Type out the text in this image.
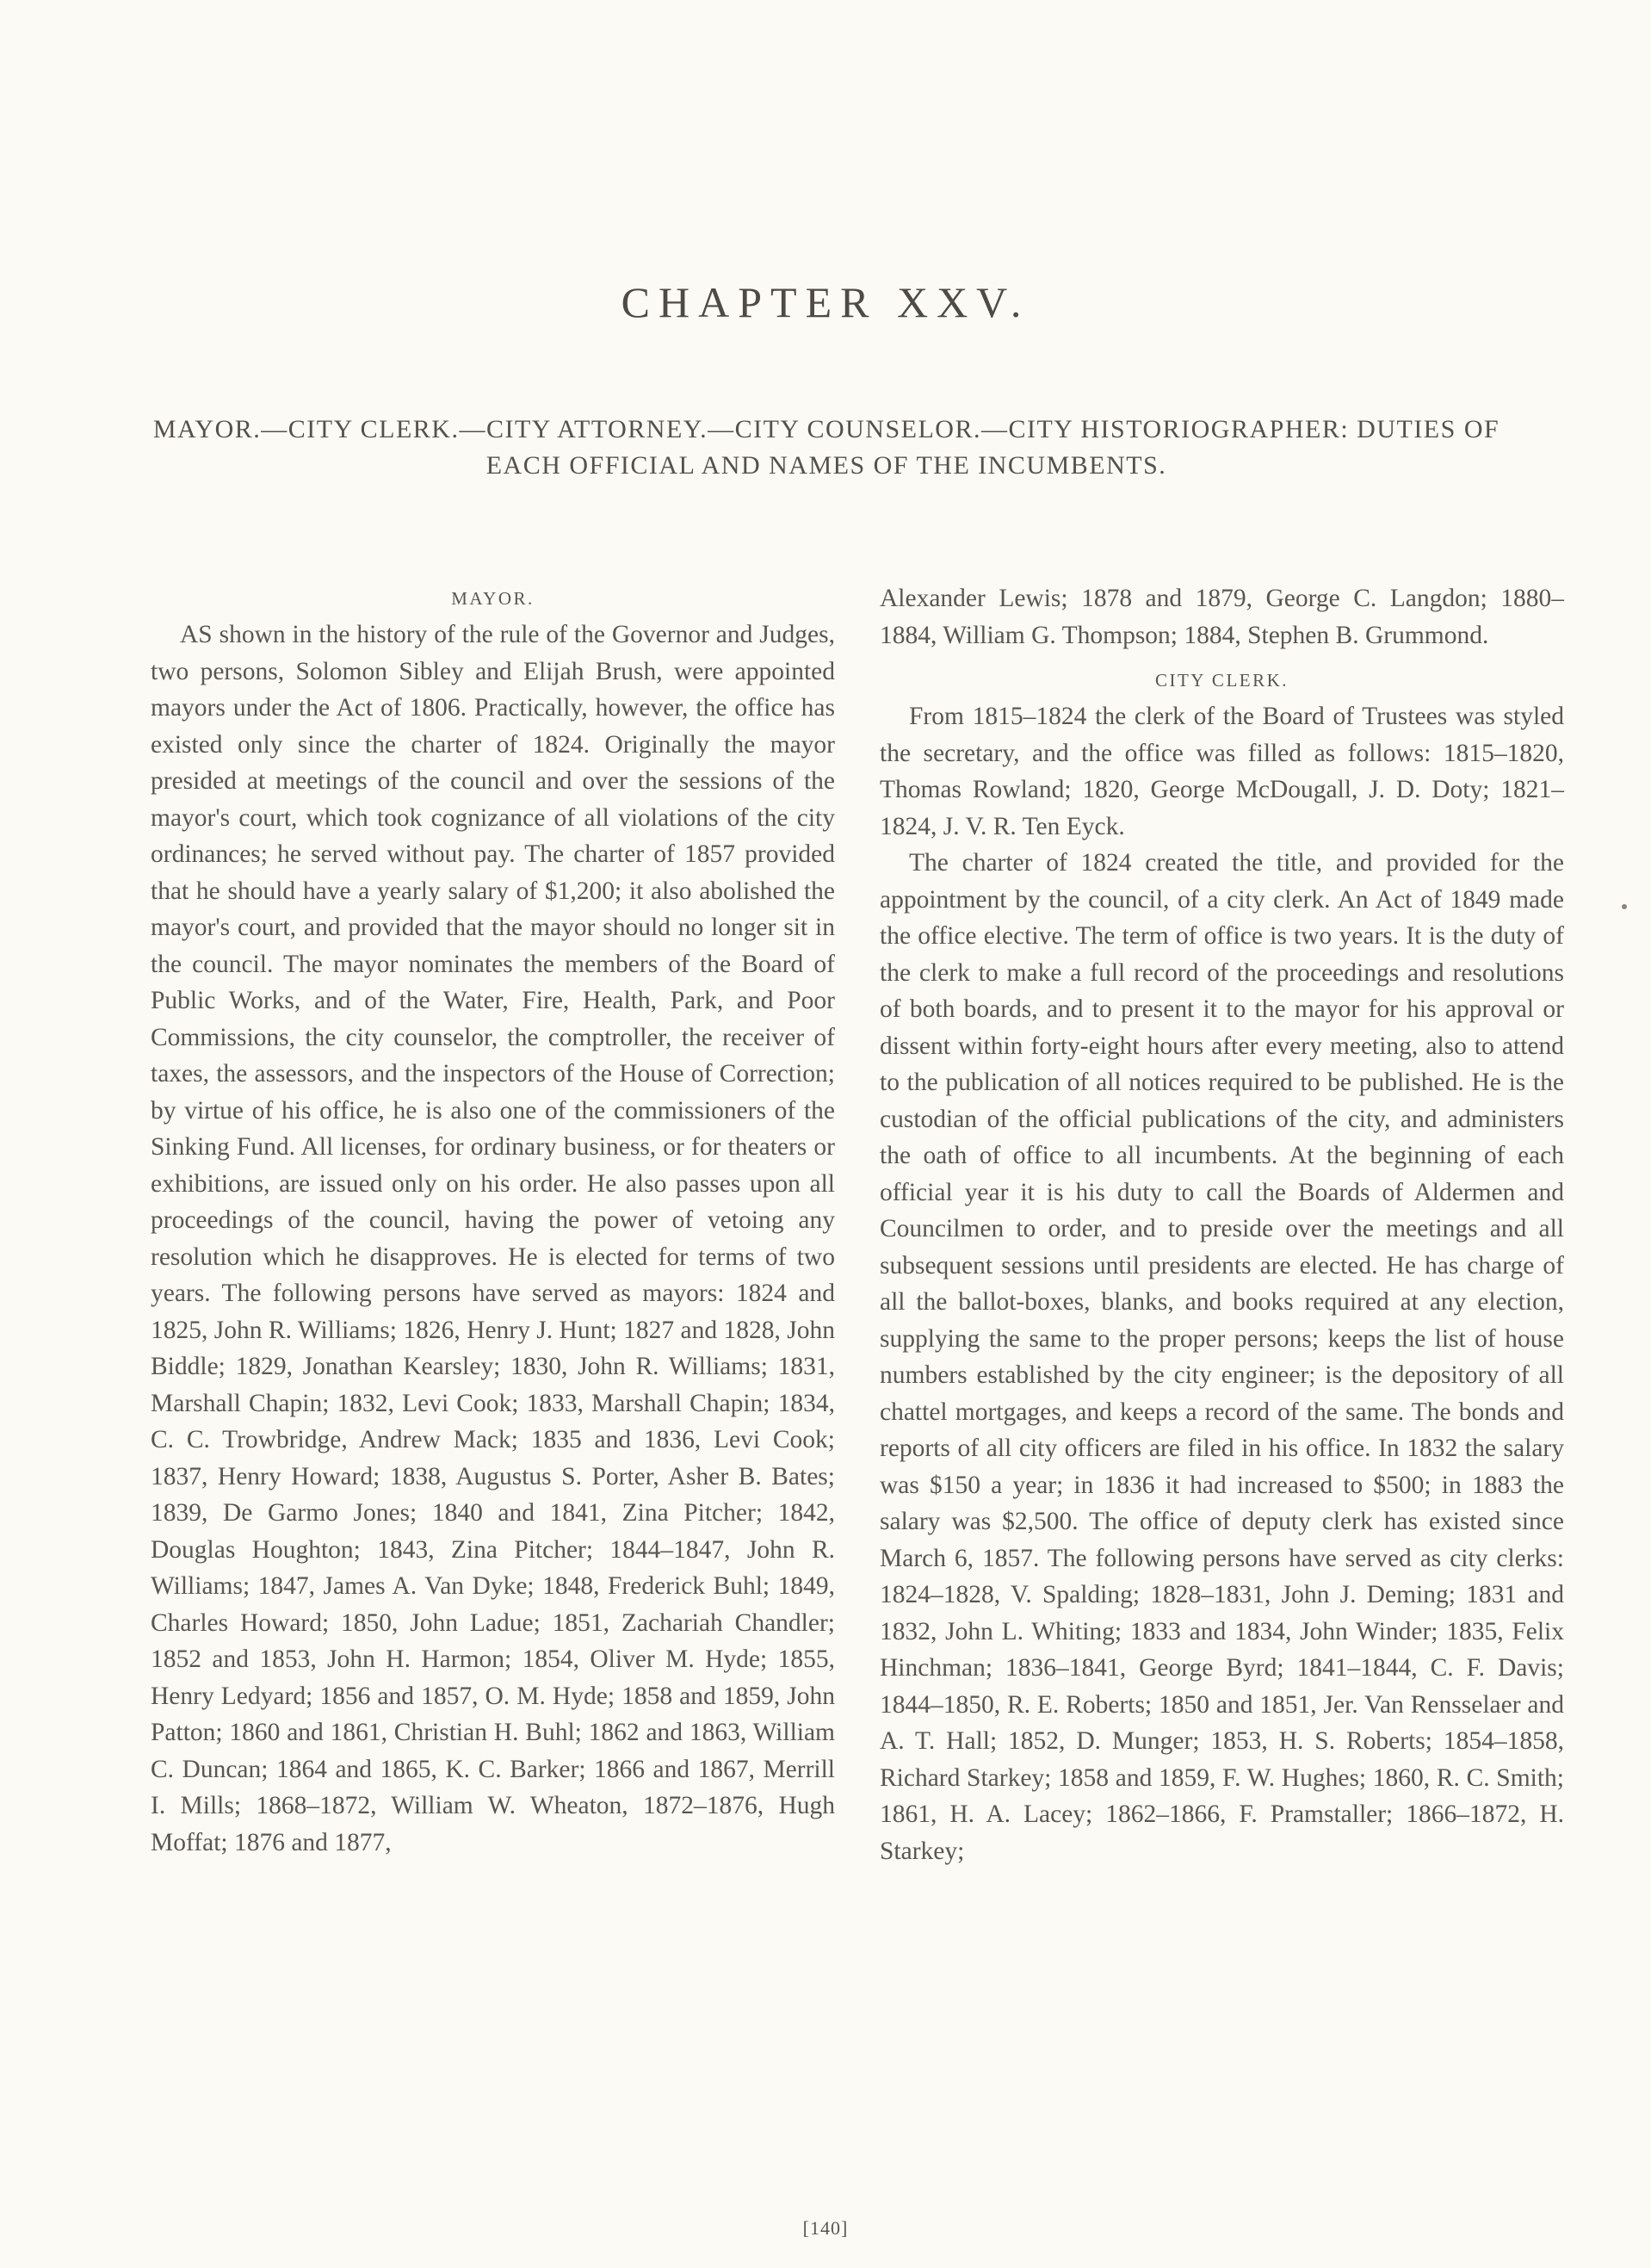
CHAPTER XXV.
MAYOR.—CITY CLERK.—CITY ATTORNEY.—CITY COUNSELOR.—CITY HISTORIOGRAPHER: DUTIES OF EACH OFFICIAL AND NAMES OF THE INCUMBENTS.
MAYOR.

AS shown in the history of the rule of the Governor and Judges, two persons, Solomon Sibley and Elijah Brush, were appointed mayors under the Act of 1806. Practically, however, the office has existed only since the charter of 1824. Originally the mayor presided at meetings of the council and over the sessions of the mayor's court, which took cognizance of all violations of the city ordinances; he served without pay. The charter of 1857 provided that he should have a yearly salary of $1,200; it also abolished the mayor's court, and provided that the mayor should no longer sit in the council. The mayor nominates the members of the Board of Public Works, and of the Water, Fire, Health, Park, and Poor Commissions, the city counselor, the comptroller, the receiver of taxes, the assessors, and the inspectors of the House of Correction; by virtue of his office, he is also one of the commissioners of the Sinking Fund. All licenses, for ordinary business, or for theaters or exhibitions, are issued only on his order. He also passes upon all proceedings of the council, having the power of vetoing any resolution which he disapproves. He is elected for terms of two years. The following persons have served as mayors: 1824 and 1825, John R. Williams; 1826, Henry J. Hunt; 1827 and 1828, John Biddle; 1829, Jonathan Kearsley; 1830, John R. Williams; 1831, Marshall Chapin; 1832, Levi Cook; 1833, Marshall Chapin; 1834, C. C. Trowbridge, Andrew Mack; 1835 and 1836, Levi Cook; 1837, Henry Howard; 1838, Augustus S. Porter, Asher B. Bates; 1839, De Garmo Jones; 1840 and 1841, Zina Pitcher; 1842, Douglas Houghton; 1843, Zina Pitcher; 1844–1847, John R. Williams; 1847, James A. Van Dyke; 1848, Frederick Buhl; 1849, Charles Howard; 1850, John Ladue; 1851, Zachariah Chandler; 1852 and 1853, John H. Harmon; 1854, Oliver M. Hyde; 1855, Henry Ledyard; 1856 and 1857, O. M. Hyde; 1858 and 1859, John Patton; 1860 and 1861, Christian H. Buhl; 1862 and 1863, William C. Duncan; 1864 and 1865, K. C. Barker; 1866 and 1867, Merrill I. Mills; 1868–1872, William W. Wheaton, 1872–1876, Hugh Moffat; 1876 and 1877,

Alexander Lewis; 1878 and 1879, George C. Langdon; 1880–1884, William G. Thompson; 1884, Stephen B. Grummond.

CITY CLERK.

From 1815–1824 the clerk of the Board of Trustees was styled the secretary, and the office was filled as follows: 1815–1820, Thomas Rowland; 1820, George McDougall, J. D. Doty; 1821–1824, J. V. R. Ten Eyck.

The charter of 1824 created the title, and provided for the appointment by the council, of a city clerk. An Act of 1849 made the office elective. The term of office is two years. It is the duty of the clerk to make a full record of the proceedings and resolutions of both boards, and to present it to the mayor for his approval or dissent within forty-eight hours after every meeting, also to attend to the publication of all notices required to be published. He is the custodian of the official publications of the city, and administers the oath of office to all incumbents. At the beginning of each official year it is his duty to call the Boards of Aldermen and Councilmen to order, and to preside over the meetings and all subsequent sessions until presidents are elected. He has charge of all the ballot-boxes, blanks, and books required at any election, supplying the same to the proper persons; keeps the list of house numbers established by the city engineer; is the depository of all chattel mortgages, and keeps a record of the same. The bonds and reports of all city officers are filed in his office. In 1832 the salary was $150 a year; in 1836 it had increased to $500; in 1883 the salary was $2,500. The office of deputy clerk has existed since March 6, 1857. The following persons have served as city clerks: 1824–1828, V. Spalding; 1828–1831, John J. Deming; 1831 and 1832, John L. Whiting; 1833 and 1834, John Winder; 1835, Felix Hinchman; 1836–1841, George Byrd; 1841–1844, C. F. Davis; 1844–1850, R. E. Roberts; 1850 and 1851, Jer. Van Rensselaer and A. T. Hall; 1852, D. Munger; 1853, H. S. Roberts; 1854–1858, Richard Starkey; 1858 and 1859, F. W. Hughes; 1860, R. C. Smith; 1861, H. A. Lacey; 1862–1866, F. Pramstaller; 1866–1872, H. Starkey;

[140]
